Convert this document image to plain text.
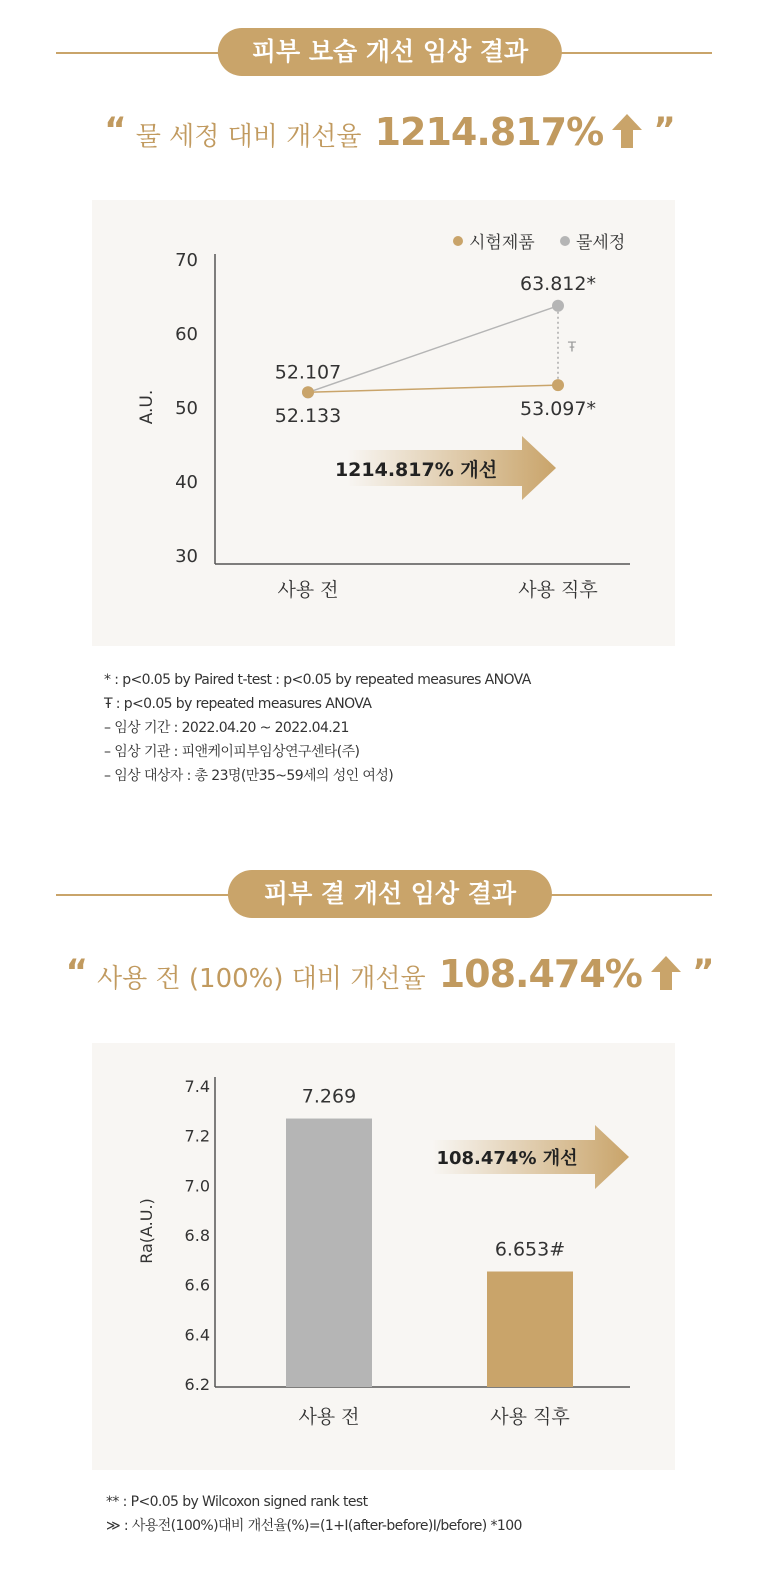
피부 보습 개선 임상 결과
“ 물 세정 대비 개선율 1214.817% ”
시험제품 물세정
A.U.
30
40
50
60
70
사용 전	사용 직후
Ŧ
52.107
52.133
63.812*
53.097*
1214.817% 개선
* : p<0.05 by Paired t-test : p<0.05 by repeated measures ANOVA
Ŧ : p<0.05 by repeated measures ANOVA
– 임상 기간 : 2022.04.20 ~ 2022.04.21
– 임상 기관 : 피앤케이피부임상연구센타(주)
– 임상 대상자 : 총 23명(만35~59세의 성인 여성)
피부 결 개선 임상 결과
“ 사용 전 (100%) 대비 개선율 108.474% ”
Ra(A.U.)
6.2
6.4
6.6
6.8
7.0
7.2
7.4	7.269
사용 전
6.653#
사용 직후
108.474% 개선
** : P<0.05 by Wilcoxon signed rank test
≫ : 사용전(100%)대비 개선율(%)=(1+I(after-before)I/before) *100
